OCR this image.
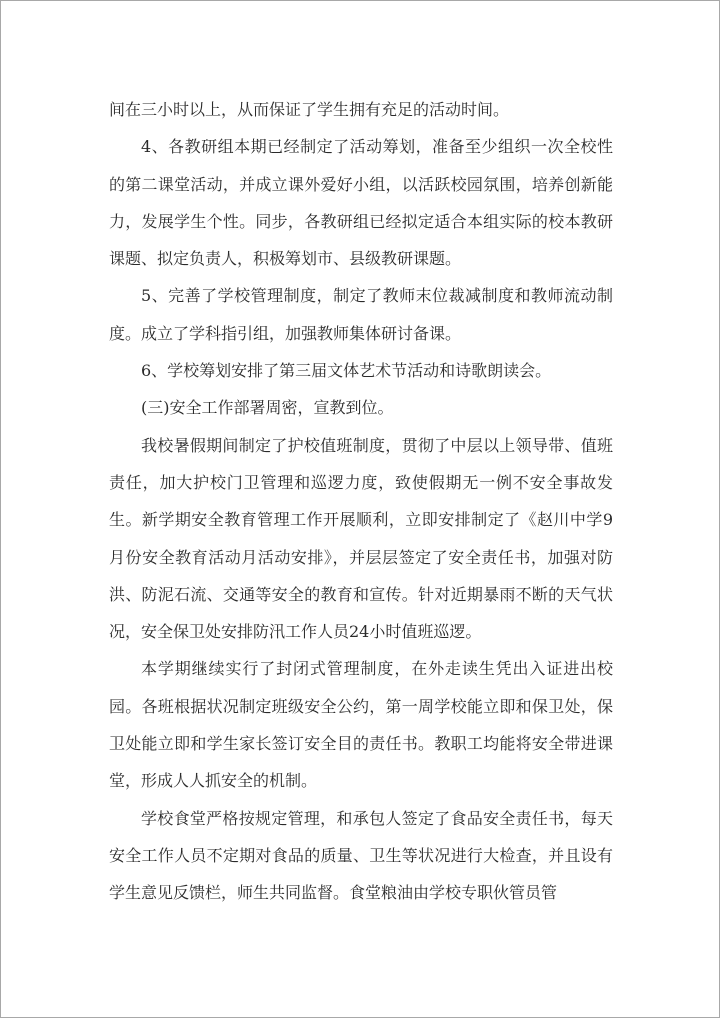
间在三小时以上，从而保证了学生拥有充足的活动时间。

4、各教研组本期已经制定了活动筹划，准备至少组织一次全校性的第二课堂活动，并成立课外爱好小组，以活跃校园氛围，培养创新能力，发展学生个性。同步，各教研组已经拟定适合本组实际的校本教研课题、拟定负责人，积极筹划市、县级教研课题。

5、完善了学校管理制度，制定了教师末位裁减制度和教师流动制度。成立了学科指引组，加强教师集体研讨备课。

6、学校筹划安排了第三届文体艺术节活动和诗歌朗读会。

(三)安全工作部署周密，宣教到位。

我校暑假期间制定了护校值班制度，贯彻了中层以上领导带、值班责任，加大护校门卫管理和巡逻力度，致使假期无一例不安全事故发生。新学期安全教育管理工作开展顺利，立即安排制定了《赵川中学9月份安全教育活动月活动安排》，并层层签定了安全责任书，加强对防洪、防泥石流、交通等安全的教育和宣传。针对近期暴雨不断的天气状况，安全保卫处安排防汛工作人员24小时值班巡逻。

本学期继续实行了封闭式管理制度，在外走读生凭出入证进出校园。各班根据状况制定班级安全公约，第一周学校能立即和保卫处，保卫处能立即和学生家长签订安全目的责任书。教职工均能将安全带进课堂，形成人人抓安全的机制。

学校食堂严格按规定管理，和承包人签定了食品安全责任书，每天安全工作人员不定期对食品的质量、卫生等状况进行大检查，并且设有学生意见反馈栏，师生共同监督。食堂粮油由学校专职伙管员管
